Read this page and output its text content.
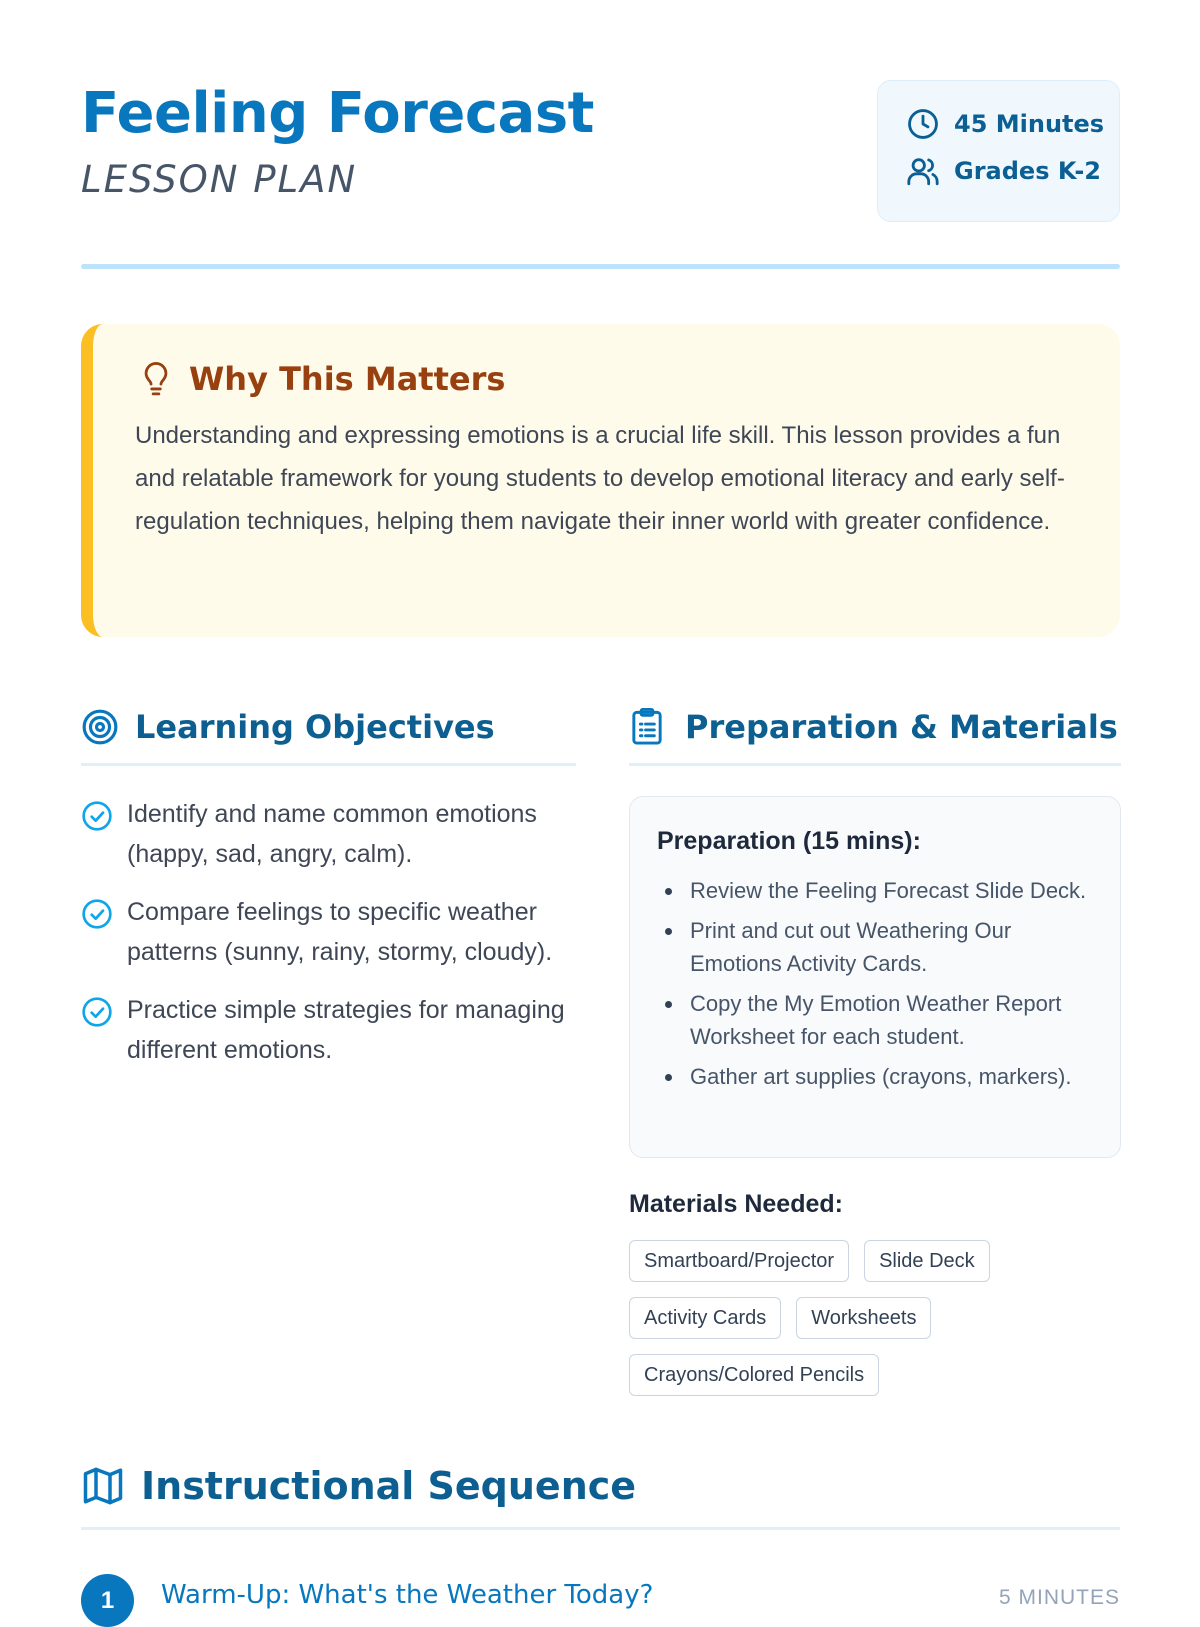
Feeling Forecast
LESSON PLAN
45 Minutes
Grades K-2
Why This Matters

Understanding and expressing emotions is a crucial life skill. This lesson provides a fun and relatable framework for young students to develop emotional literacy and early self-regulation techniques, helping them navigate their inner world with greater confidence.

Learning Objectives
Identify and name common emotions (happy, sad, angry, calm).
Compare feelings to specific weather patterns (sunny, rainy, stormy, cloudy).
Practice simple strategies for managing different emotions.
Preparation & Materials
Preparation (15 mins):
Review the Feeling Forecast Slide Deck.
Print and cut out Weathering Our Emotions Activity Cards.
Copy the My Emotion Weather Report Worksheet for each student.
Gather art supplies (crayons, markers).
Materials Needed:
Smartboard/Projector	Slide Deck
Activity Cards	Worksheets
Crayons/Colored Pencils
Instructional Sequence
1	Warm-Up: What's the Weather Today?	5 MINUTES
